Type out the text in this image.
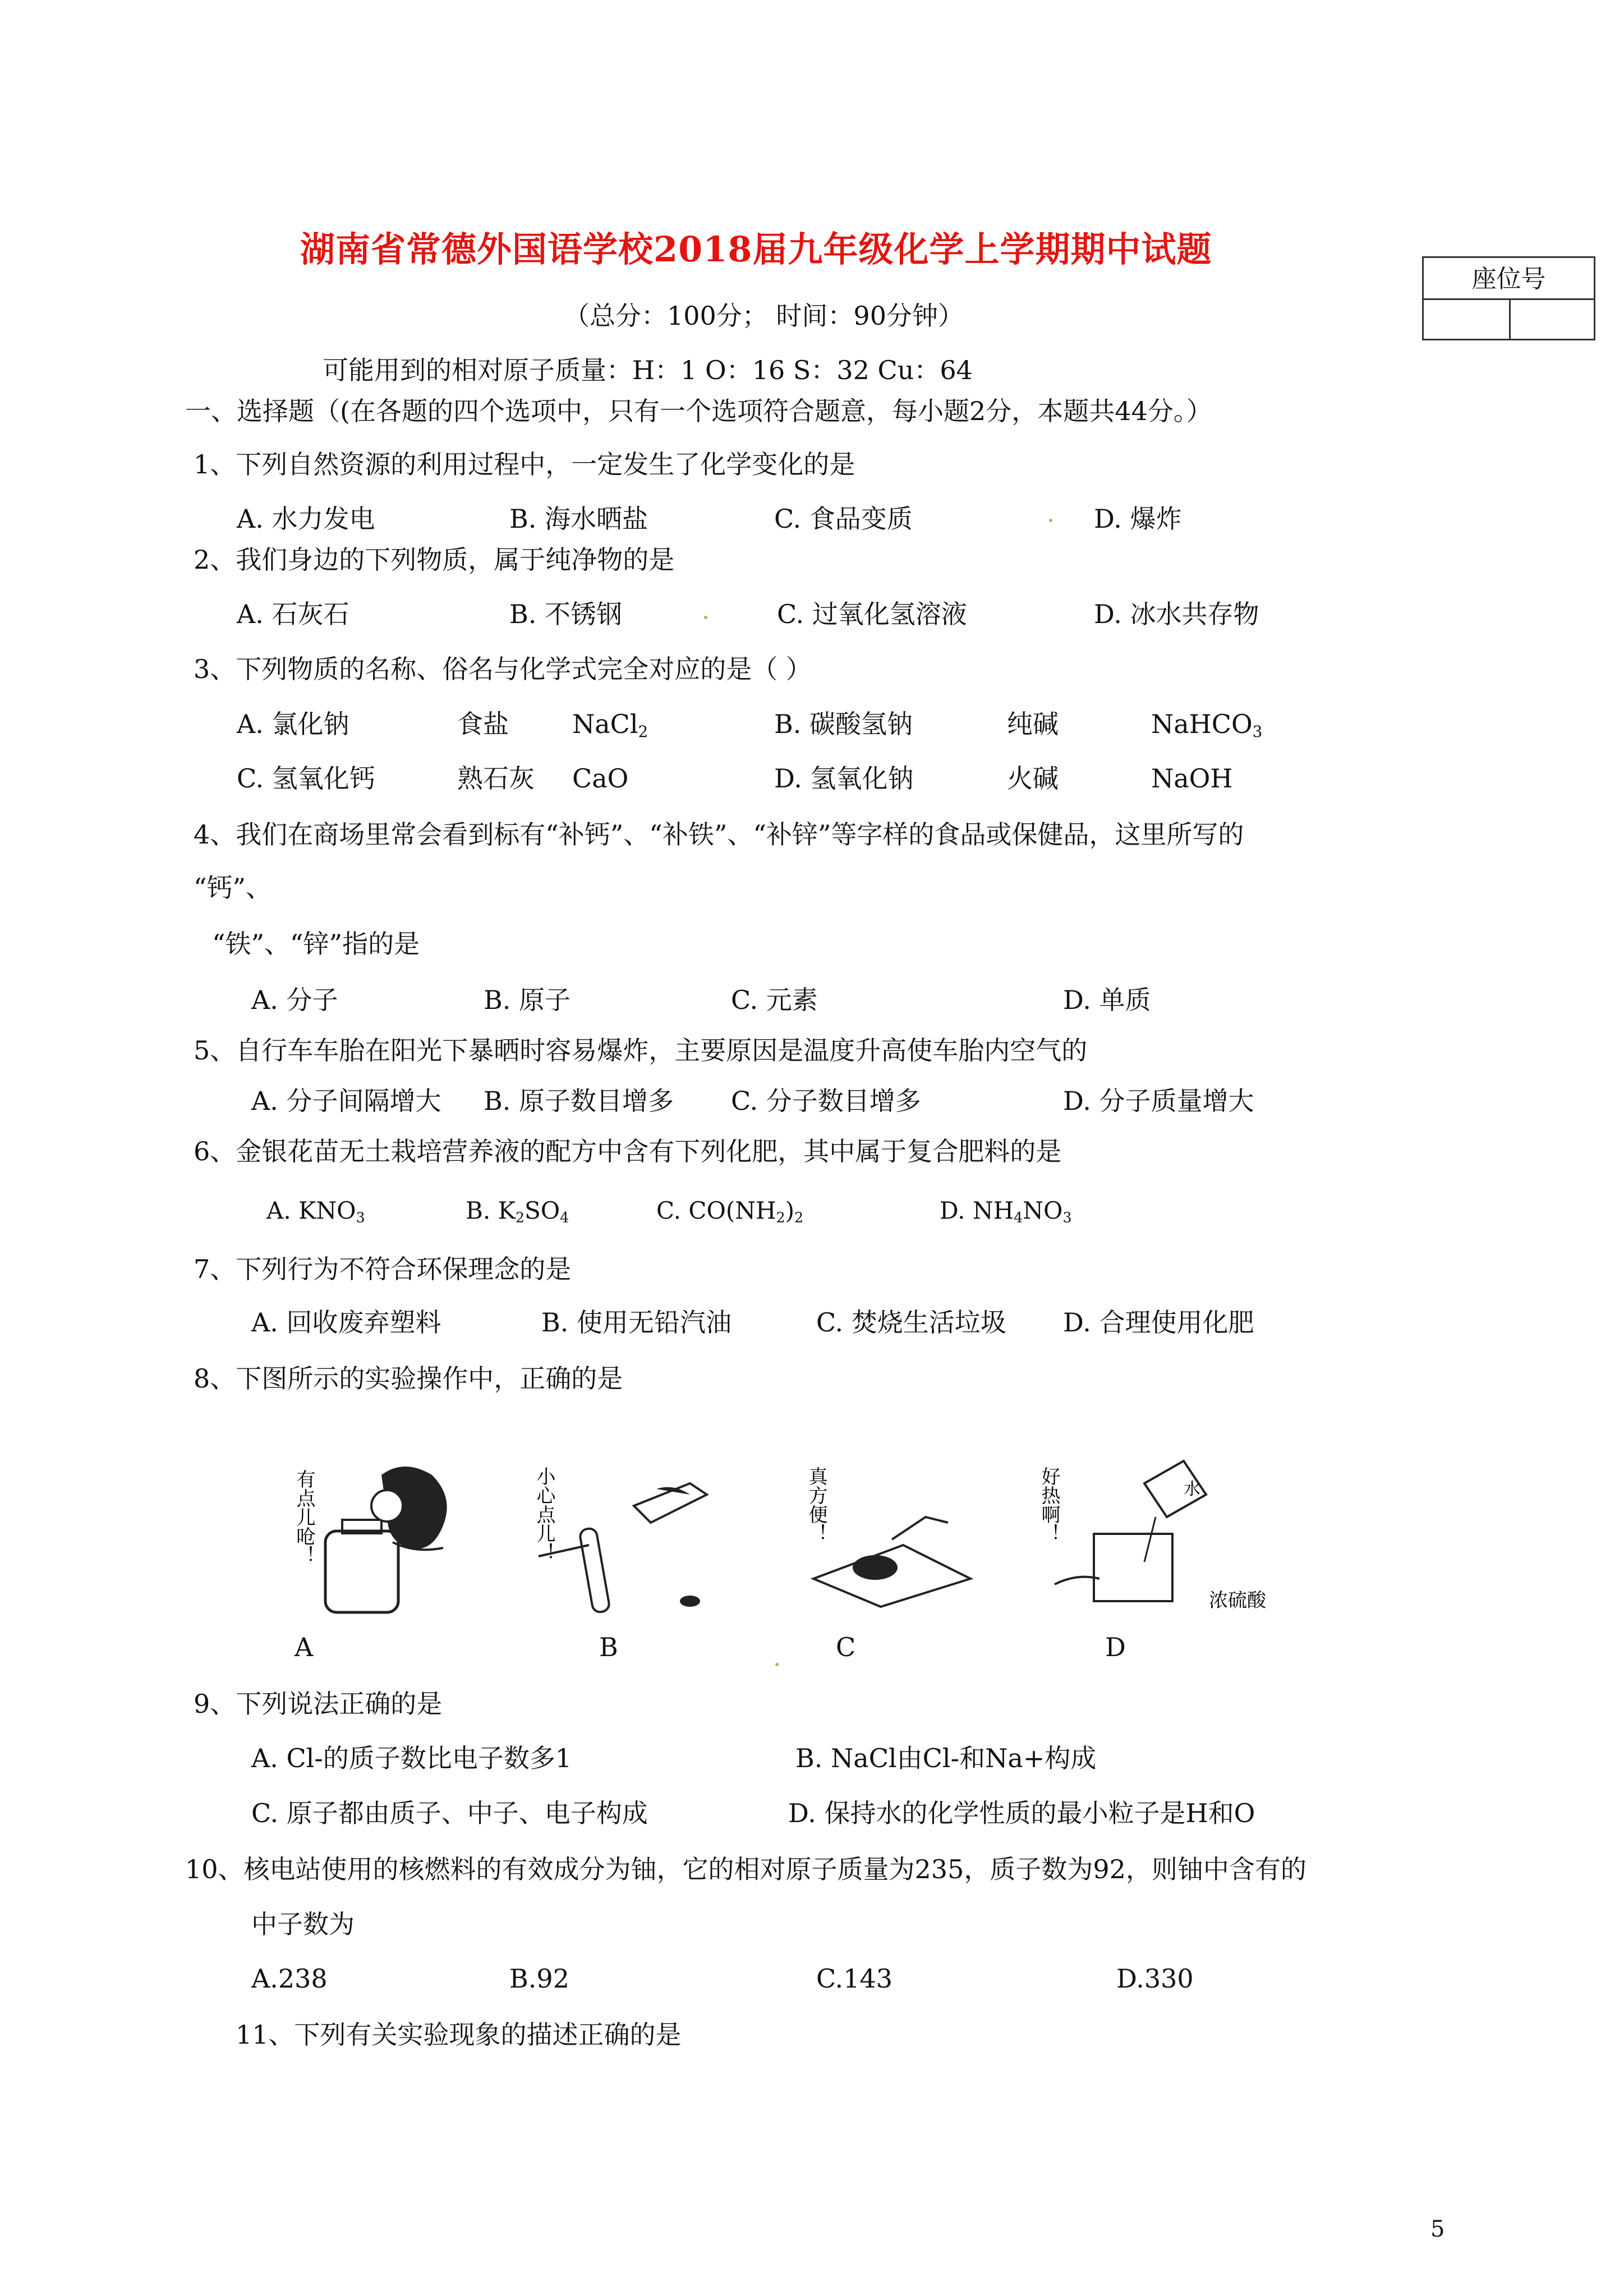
湖南省常德外国语学校2018届九年级化学上学期期中试题
座位号
（总分：100分； 时间：90分钟）
可能用到的相对原子质量：H：1 O：16 S：32 Cu：64
一、选择题（(在各题的四个选项中，只有一个选项符合题意，每小题2分，本题共44分。）
1、下列自然资源的利用过程中，一定发生了化学变化的是
A. 水力发电	B. 海水晒盐	C. 食品变质	D. 爆炸
2、我们身边的下列物质，属于纯净物的是
A. 石灰石	B. 不锈钢	C. 过氧化氢溶液	D. 冰水共存物
3、下列物质的名称、俗名与化学式完全对应的是（ ）
A. 氯化钠	食盐 NaCl$_2$	B. 碳酸氢钠	纯碱	NaHCO$_3$
C. 氢氧化钙	熟石灰 CaO	D. 氢氧化钠	火碱	NaOH
4、我们在商场里常会看到标有“补钙”、“补铁”、“补锌”等字样的食品或保健品，这里所写的
“钙”、
“铁”、“锌”指的是
A. 分子	B. 原子	C. 元素	D. 单质
5、自行车车胎在阳光下暴晒时容易爆炸，主要原因是温度升高使车胎内空气的
A. 分子间隔增大 B. 原子数目增多 C. 分子数目增多	D. 分子质量增大
6、金银花苗无土栽培营养液的配方中含有下列化肥，其中属于复合肥料的是
A. $KNO_3$	B. $K_2SO_4$	C. $CO(NH_2)_2$	D. $NH_4NO_3$
7、下列行为不符合环保理念的是
A. 回收废弃塑料	B. 使用无铅汽油	C. 焚烧生活垃圾 D. 合理使用化肥
8、下图所示的实验操作中，正确的是
有点儿呛！	小心点儿！	真方便！	好热啊！	水
浓硫酸
A	B	C	D
9、下列说法正确的是
A. Cl-的质子数比电子数多1	B. NaCl由Cl-和Na+构成
C. 原子都由质子、中子、电子构成	D. 保持水的化学性质的最小粒子是H和O
10、核电站使用的核燃料的有效成分为铀，它的相对原子质量为235，质子数为92，则铀中含有的
中子数为
A.238	B.92	C.143	D.330
11、下列有关实验现象的描述正确的是
5
